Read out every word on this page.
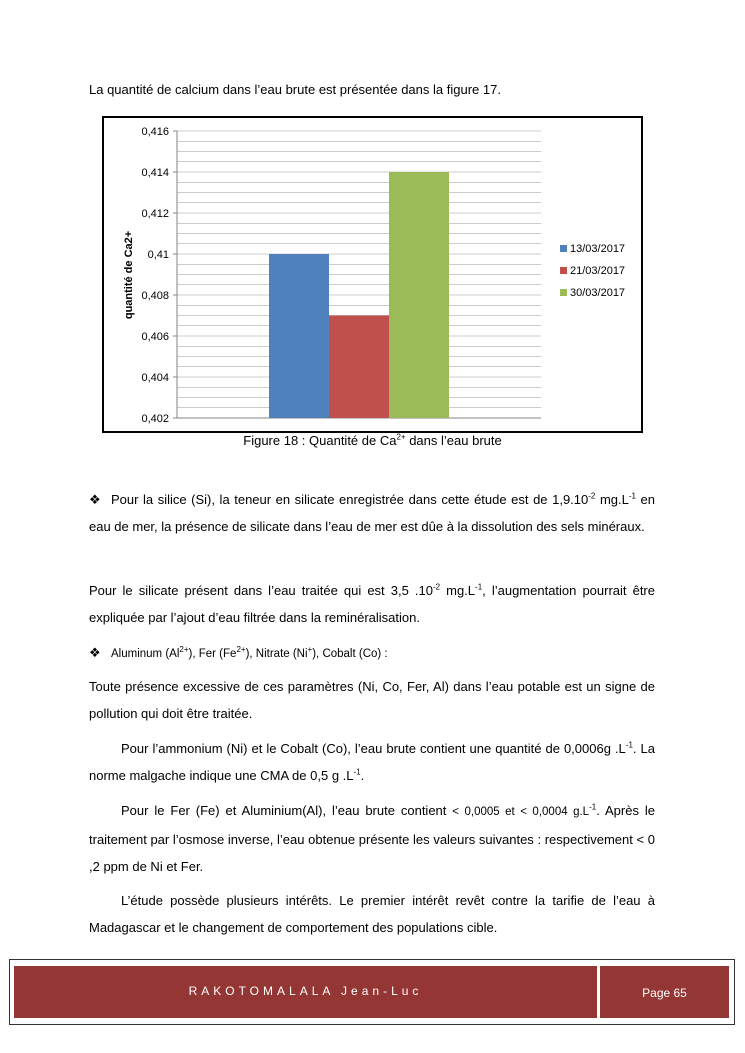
La quantité de calcium dans l’eau brute est présentée dans la figure 17.
0,402
0,404
0,406
0,408
0,41
0,412
0,414
0,416
quantité de Ca2+	13/03/2017
21/03/2017
30/03/2017
Figure 18 : Quantité de $Ca^{2+}$ dans l’eau brute
❖ Pour la silice (Si), la teneur en silicate enregistrée dans cette étude est de $1,9.10^{-2}$ $mg.L^{-1}$ en eau de mer, la présence de silicate dans l’eau de mer est dûe à la dissolution des sels minéraux.
Pour le silicate présent dans l’eau traitée qui est 3,5 $.10^{-2}$ $mg.L^{-1}$, l’augmentation pourrait être expliquée par l’ajout d’eau filtrée dans la reminéralisation.
❖ Aluminum $(Al^{2+})$, Fer $(Fe^{2+})$, Nitrate (Ni+), Cobalt (Co) :
Toute présence excessive de ces paramètres (Ni, Co, Fer, Al) dans l’eau potable est un signe de pollution qui doit être traitée.
Pour l’ammonium (Ni) et le Cobalt (Co), l’eau brute contient une quantité de 0,0006g $.L^{-1}$. La norme malgache indique une CMA de 0,5 g $.L^{-1}$.
Pour le Fer (Fe) et Aluminium(Al), l’eau brute contient < 0,0005 et < 0,0004 $g.L^{-1}$. Après le traitement par l’osmose inverse, l’eau obtenue présente les valeurs suivantes : respectivement < 0 ,2 ppm de Ni et Fer.
L’étude possède plusieurs intérêts. Le premier intérêt revêt contre la tarifie de l’eau à Madagascar et le changement de comportement des populations cible.
RAKOTOMALALA Jean-Luc	Page 65
